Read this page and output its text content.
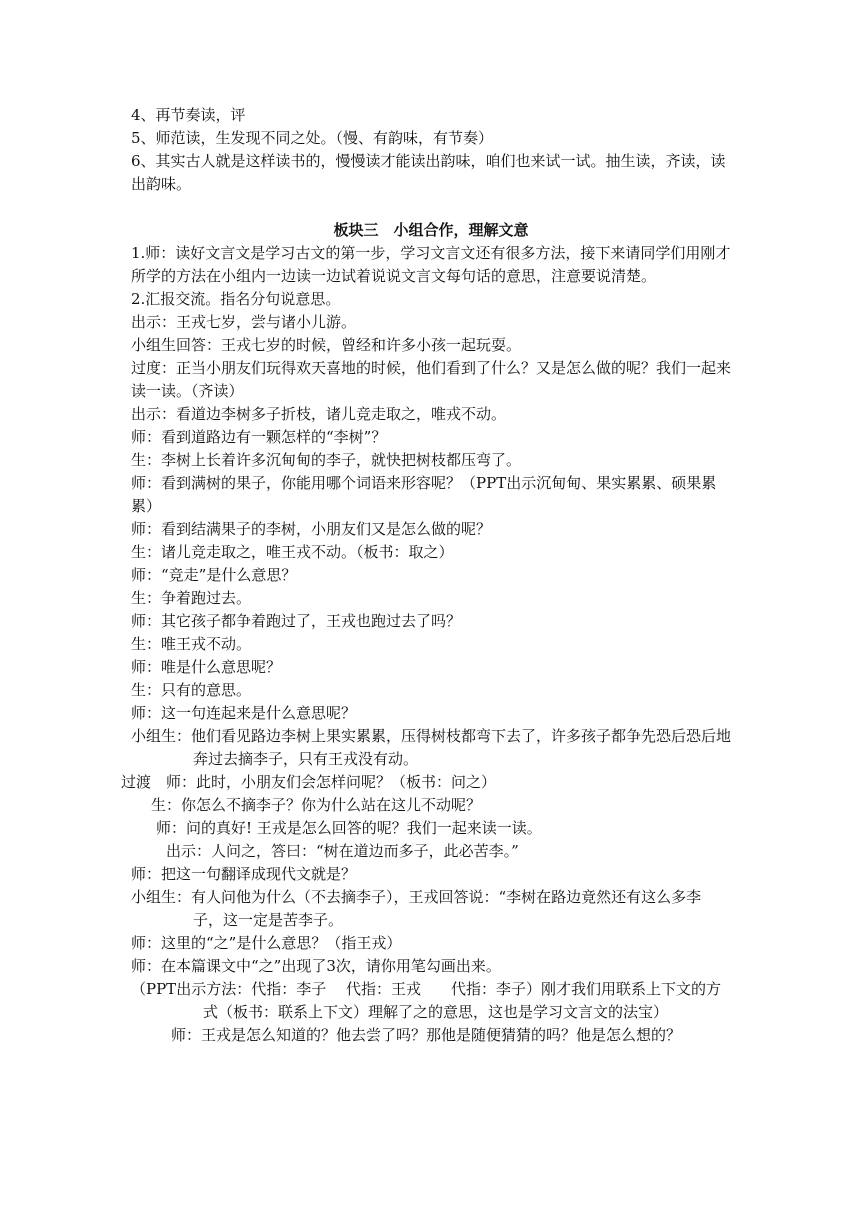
4、再节奏读，评

5、师范读，生发现不同之处。（慢、有韵味，有节奏）

6、其实古人就是这样读书的，慢慢读才能读出韵味，咱们也来试一试。抽生读，齐读，读出韵味。

板块三　小组合作，理解文意

1.师：读好文言文是学习古文的第一步，学习文言文还有很多方法，接下来请同学们用刚才所学的方法在小组内一边读一边试着说说文言文每句话的意思，注意要说清楚。

2.汇报交流。指名分句说意思。

出示：王戎七岁，尝与诸小儿游。

小组生回答：王戎七岁的时候，曾经和许多小孩一起玩耍。

过度：正当小朋友们玩得欢天喜地的时候，他们看到了什么？又是怎么做的呢？我们一起来读一读。（齐读）

出示：看道边李树多子折枝，诸儿竞走取之，唯戎不动。

师：看到道路边有一颗怎样的“李树”？

生：李树上长着许多沉甸甸的李子，就快把树枝都压弯了。

师：看到满树的果子，你能用哪个词语来形容呢？（PPT出示沉甸甸、果实累累、硕果累累）

师：看到结满果子的李树，小朋友们又是怎么做的呢？

生：诸儿竞走取之，唯王戎不动。（板书：取之）

师：“竞走”是什么意思？

生：争着跑过去。

师：其它孩子都争着跑过了，王戎也跑过去了吗？

生：唯王戎不动。

师：唯是什么意思呢？

生：只有的意思。

师：这一句连起来是什么意思呢？

小组生：他们看见路边李树上果实累累，压得树枝都弯下去了，许多孩子都争先恐后恐后地奔过去摘李子，只有王戎没有动。

过渡　师：此时，小朋友们会怎样问呢？（板书：问之）

生：你怎么不摘李子？你为什么站在这儿不动呢？

师：问的真好! 王戎是怎么回答的呢？我们一起来读一读。

出示：人问之，答曰：“树在道边而多子，此必苦李。”

师：把这一句翻译成现代文就是？

小组生：有人问他为什么（不去摘李子），王戎回答说：“李树在路边竟然还有这么多李子，这一定是苦李子。

师：这里的“之”是什么意思？（指王戎）

师：在本篇课文中“之”出现了3次，请你用笔勾画出来。

（PPT出示方法：代指：李子　 代指：王戎　　代指：李子）刚才我们用联系上下文的方式（板书：联系上下文）理解了之的意思，这也是学习文言文的法宝）

师：王戎是怎么知道的？他去尝了吗？那他是随便猜猜的吗？他是怎么想的？
